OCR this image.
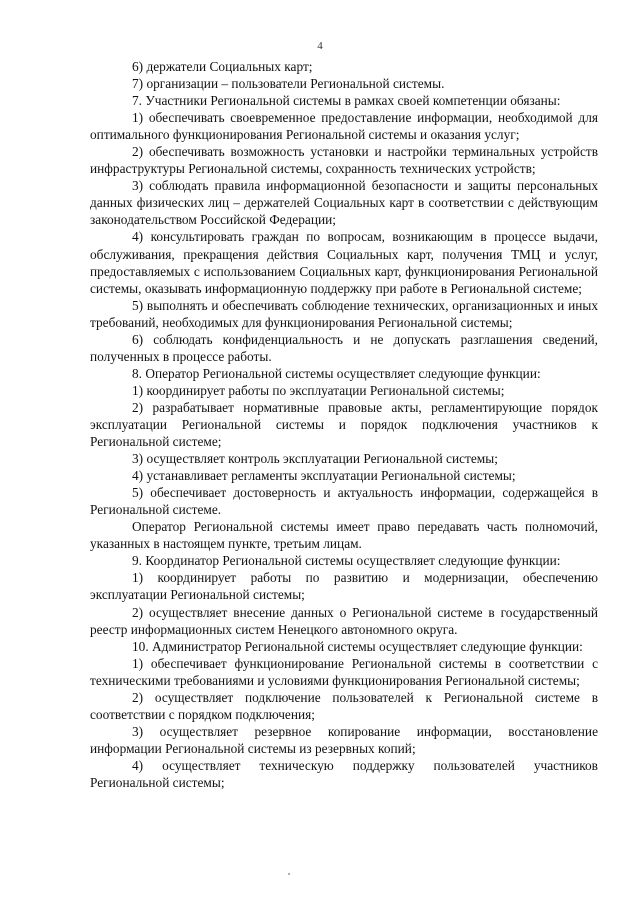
4

6) держатели Социальных карт;

7) организации – пользователи Региональной системы.

7. Участники Региональной системы в рамках своей компетенции обязаны:

1) обеспечивать своевременное предоставление информации, необходимой для оптимального функционирования Региональной системы и оказания услуг;

2) обеспечивать возможность установки и настройки терминальных устройств инфраструктуры Региональной системы, сохранность технических устройств;

3) соблюдать правила информационной безопасности и защиты персональных данных физических лиц – держателей Социальных карт в соответствии с действующим законодательством Российской Федерации;

4) консультировать граждан по вопросам, возникающим в процессе выдачи, обслуживания, прекращения действия Социальных карт, получения ТМЦ и услуг, предоставляемых с использованием Социальных карт, функционирования Региональной системы, оказывать информационную поддержку при работе в Региональной системе;

5) выполнять и обеспечивать соблюдение технических, организационных и иных требований, необходимых для функционирования Региональной системы;

6) соблюдать конфиденциальность и не допускать разглашения сведений, полученных в процессе работы.

8. Оператор Региональной системы осуществляет следующие функции:

1) координирует работы по эксплуатации Региональной системы;

2) разрабатывает нормативные правовые акты, регламентирующие порядок эксплуатации Региональной системы и порядок подключения участников к Региональной системе;

3) осуществляет контроль эксплуатации Региональной системы;

4) устанавливает регламенты эксплуатации Региональной системы;

5) обеспечивает достоверность и актуальность информации, содержащейся в Региональной системе.

Оператор Региональной системы имеет право передавать часть полномочий, указанных в настоящем пункте, третьим лицам.

9. Координатор Региональной системы осуществляет следующие функции:

1) координирует работы по развитию и модернизации, обеспечению эксплуатации Региональной системы;

2) осуществляет внесение данных о Региональной системе в государственный реестр информационных систем Ненецкого автономного округа.

10. Администратор Региональной системы осуществляет следующие функции:

1) обеспечивает функционирование Региональной системы в соответствии с техническими требованиями и условиями функционирования Региональной системы;

2) осуществляет подключение пользователей к Региональной системе в соответствии с порядком подключения;

3) осуществляет резервное копирование информации, восстановление информации Региональной системы из резервных копий;

4) осуществляет техническую поддержку пользователей участников Региональной системы;
